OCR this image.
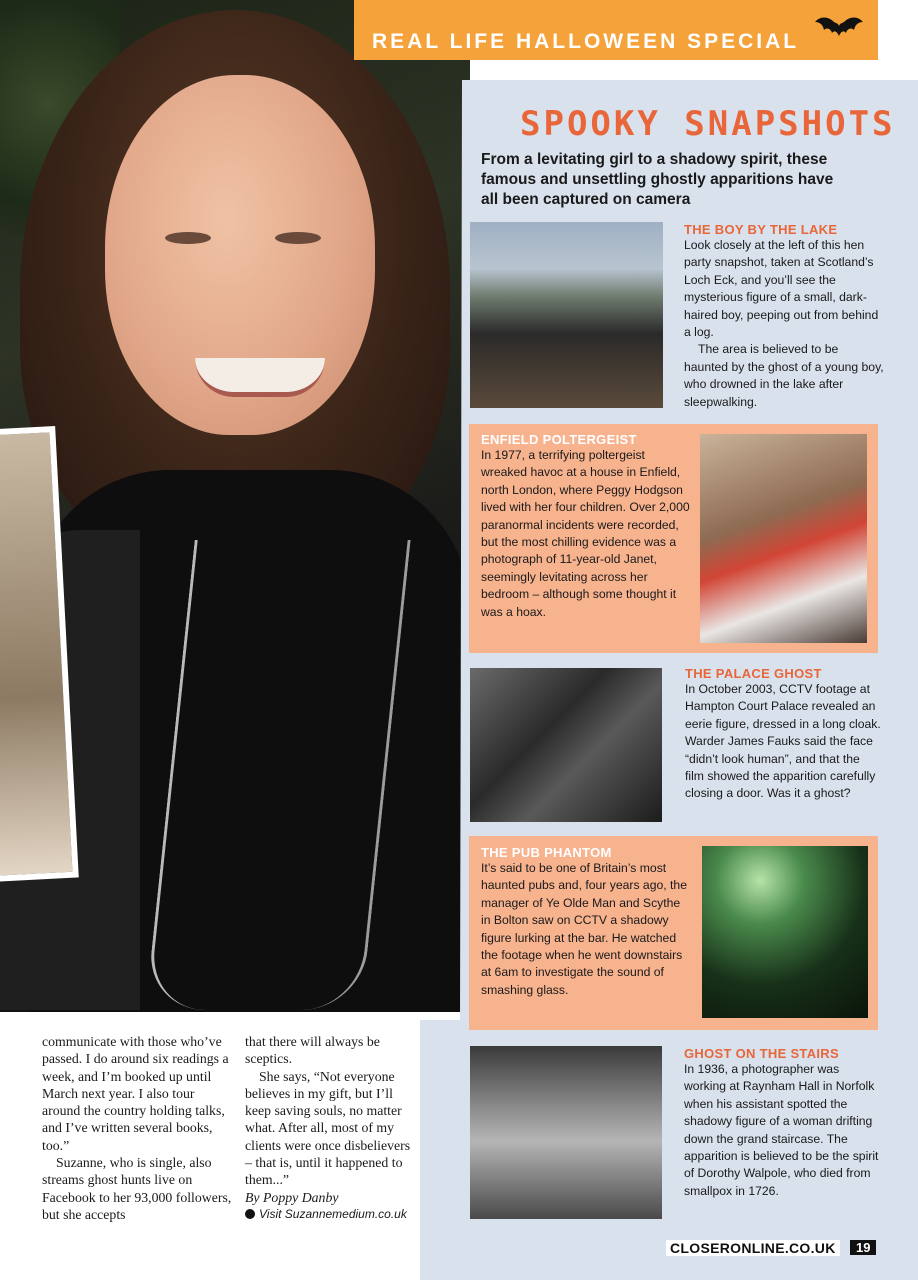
REAL LIFE HALLOWEEN SPECIAL
SPOOKY SNAPSHOTS
From a levitating girl to a shadowy spirit, these famous and unsettling ghostly apparitions have all been captured on camera
THE BOY BY THE LAKE
Look closely at the left of this hen party snapshot, taken at Scotland’s Loch Eck, and you’ll see the mysterious figure of a small, dark-haired boy, peeping out from behind a log.
The area is believed to be haunted by the ghost of a young boy, who drowned in the lake after sleepwalking.
ENFIELD POLTERGEIST
In 1977, a terrifying poltergeist wreaked havoc at a house in Enfield, north London, where Peggy Hodgson lived with her four children. Over 2,000 paranormal incidents were recorded, but the most chilling evidence was a photograph of 11-year-old Janet, seemingly levitating across her bedroom – although some thought it was a hoax.
THE PALACE GHOST
In October 2003, CCTV footage at Hampton Court Palace revealed an eerie figure, dressed in a long cloak. Warder James Fauks said the face “didn’t look human”, and that the film showed the apparition carefully closing a door. Was it a ghost?
THE PUB PHANTOM
It’s said to be one of Britain’s most haunted pubs and, four years ago, the manager of Ye Olde Man and Scythe in Bolton saw on CCTV a shadowy figure lurking at the bar. He watched the footage when he went downstairs at 6am to investigate the sound of smashing glass.
GHOST ON THE STAIRS
In 1936, a photographer was working at Raynham Hall in Norfolk when his assistant spotted the shadowy figure of a woman drifting down the grand staircase. The apparition is believed to be the spirit of Dorothy Walpole, who died from smallpox in 1726.

communicate with those who’ve passed. I do around six readings a week, and I’m booked up until March next year. I also tour around the country holding talks, and I’ve written several books, too.”

Suzanne, who is single, also streams ghost hunts live on Facebook to her 93,000 followers, but she accepts

that there will always be sceptics.

She says, “Not everyone believes in my gift, but I’ll keep saving souls, no matter what. After all, most of my clients were once disbelievers – that is, until it happened to them...”

By Poppy Danby

Visit Suzannemedium.co.uk

CLOSERONLINE.CO.UK	19
